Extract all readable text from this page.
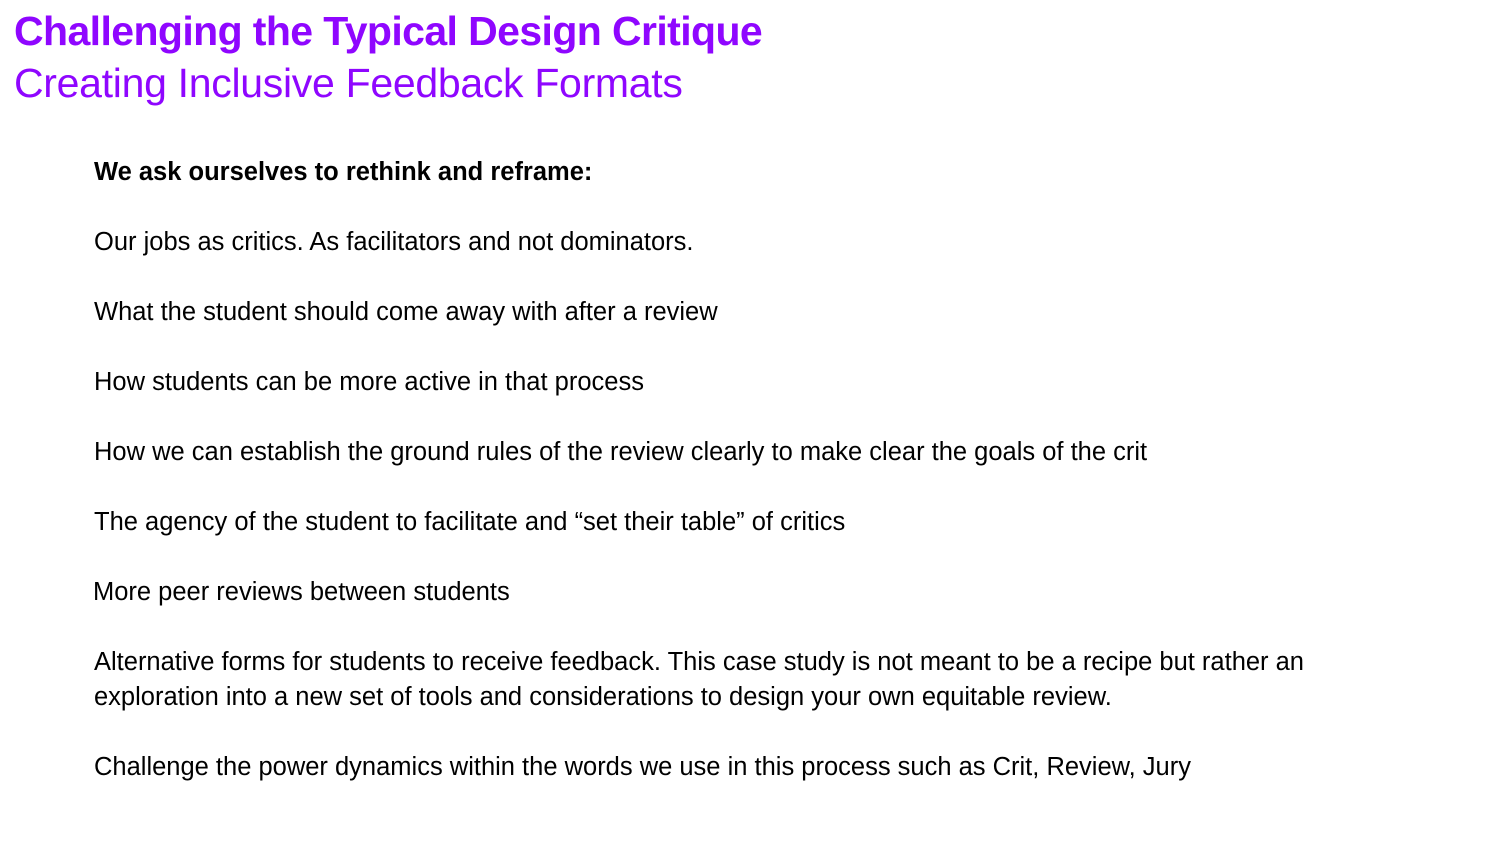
Challenging the Typical Design Critique
Creating Inclusive Feedback Formats

We ask ourselves to rethink and reframe:

Our jobs as critics. As facilitators and not dominators.

What the student should come away with after a review

How students can be more active in that process

How we can establish the ground rules of the review clearly to make clear the goals of the crit

The agency of the student to facilitate and “set their table” of critics

More peer reviews between students

Alternative forms for students to receive feedback. This case study is not meant to be a recipe but rather an exploration into a new set of tools and considerations to design your own equitable review.

Challenge the power dynamics within the words we use in this process such as Crit, Review, Jury
